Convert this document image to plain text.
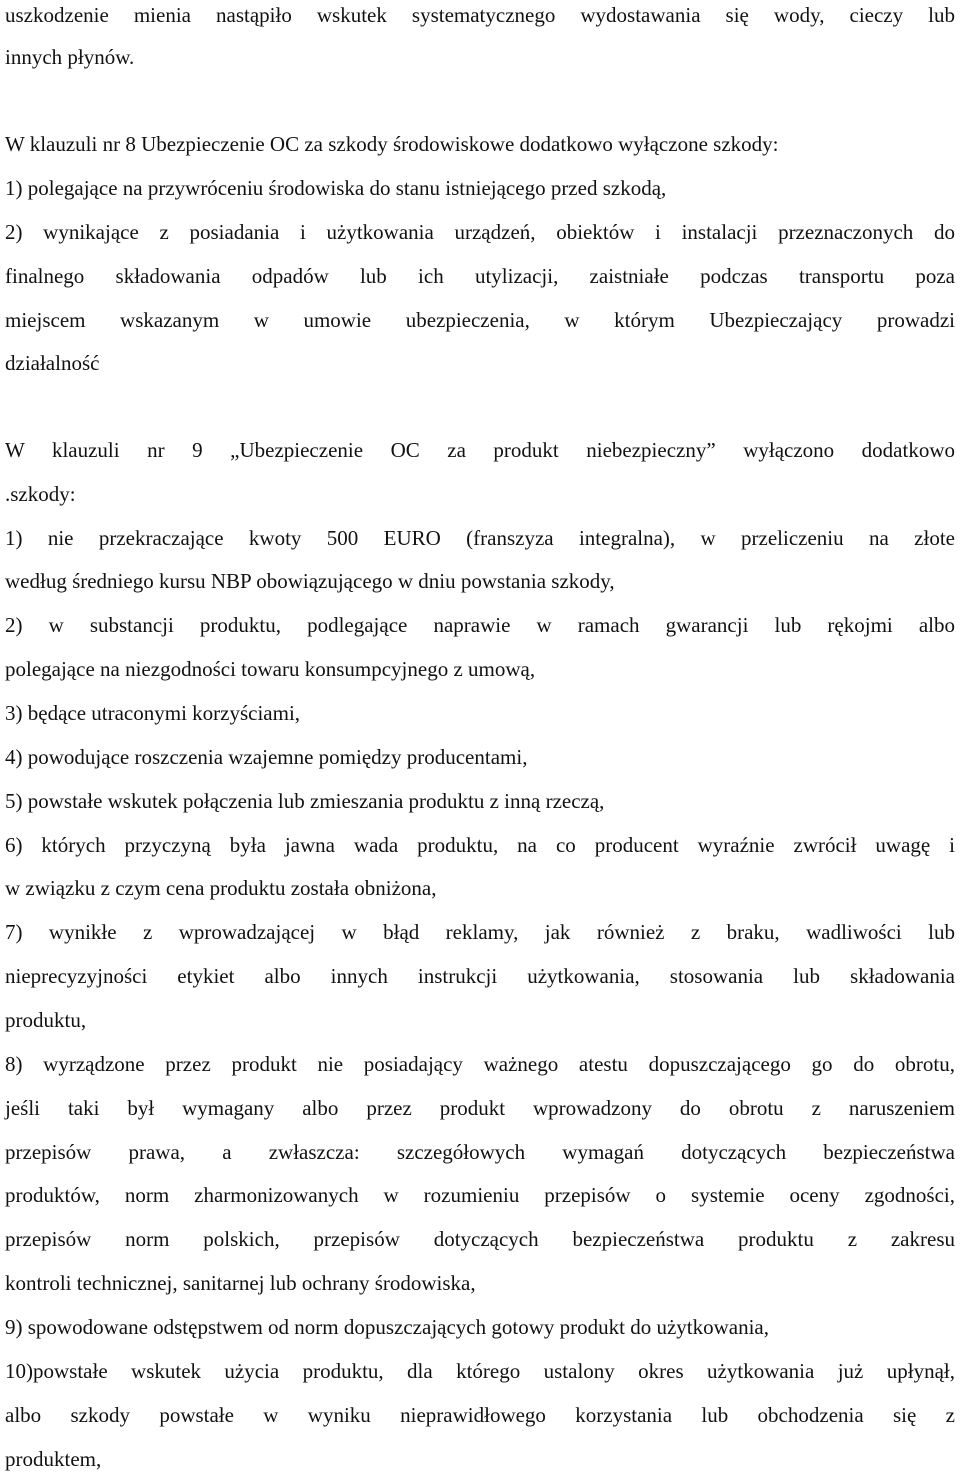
uszkodzenie mienia nastąpiło wskutek systematycznego wydostawania się wody, cieczy lub
innych płynów.
W klauzuli nr 8 Ubezpieczenie OC za szkody środowiskowe dodatkowo wyłączone szkody:
1) polegające na przywróceniu środowiska do stanu istniejącego przed szkodą,
2) wynikające z posiadania i użytkowania urządzeń, obiektów i instalacji przeznaczonych do
finalnego składowania odpadów lub ich utylizacji, zaistniałe podczas transportu poza
miejscem wskazanym w umowie ubezpieczenia, w którym Ubezpieczający prowadzi
działalność
W klauzuli nr 9 „Ubezpieczenie OC za produkt niebezpieczny” wyłączono dodatkowo
.szkody:
1) nie przekraczające kwoty 500 EURO (franszyza integralna), w przeliczeniu na złote
według średniego kursu NBP obowiązującego w dniu powstania szkody,
2) w substancji produktu, podlegające naprawie w ramach gwarancji lub rękojmi albo
polegające na niezgodności towaru konsumpcyjnego z umową,
3) będące utraconymi korzyściami,
4) powodujące roszczenia wzajemne pomiędzy producentami,
5) powstałe wskutek połączenia lub zmieszania produktu z inną rzeczą,
6) których przyczyną była jawna wada produktu, na co producent wyraźnie zwrócił uwagę i
w związku z czym cena produktu została obniżona,
7) wynikłe z wprowadzającej w błąd reklamy, jak również z braku, wadliwości lub
nieprecyzyjności etykiet albo innych instrukcji użytkowania, stosowania lub składowania
produktu,
8) wyrządzone przez produkt nie posiadający ważnego atestu dopuszczającego go do obrotu,
jeśli taki był wymagany albo przez produkt wprowadzony do obrotu z naruszeniem
przepisów prawa, a zwłaszcza: szczegółowych wymagań dotyczących bezpieczeństwa
produktów, norm zharmonizowanych w rozumieniu przepisów o systemie oceny zgodności,
przepisów norm polskich, przepisów dotyczących bezpieczeństwa produktu z zakresu
kontroli technicznej, sanitarnej lub ochrany środowiska,
9) spowodowane odstępstwem od norm dopuszczających gotowy produkt do użytkowania,
10)powstałe wskutek użycia produktu, dla którego ustalony okres użytkowania już upłynął,
albo szkody powstałe w wyniku nieprawidłowego korzystania lub obchodzenia się z
produktem,
